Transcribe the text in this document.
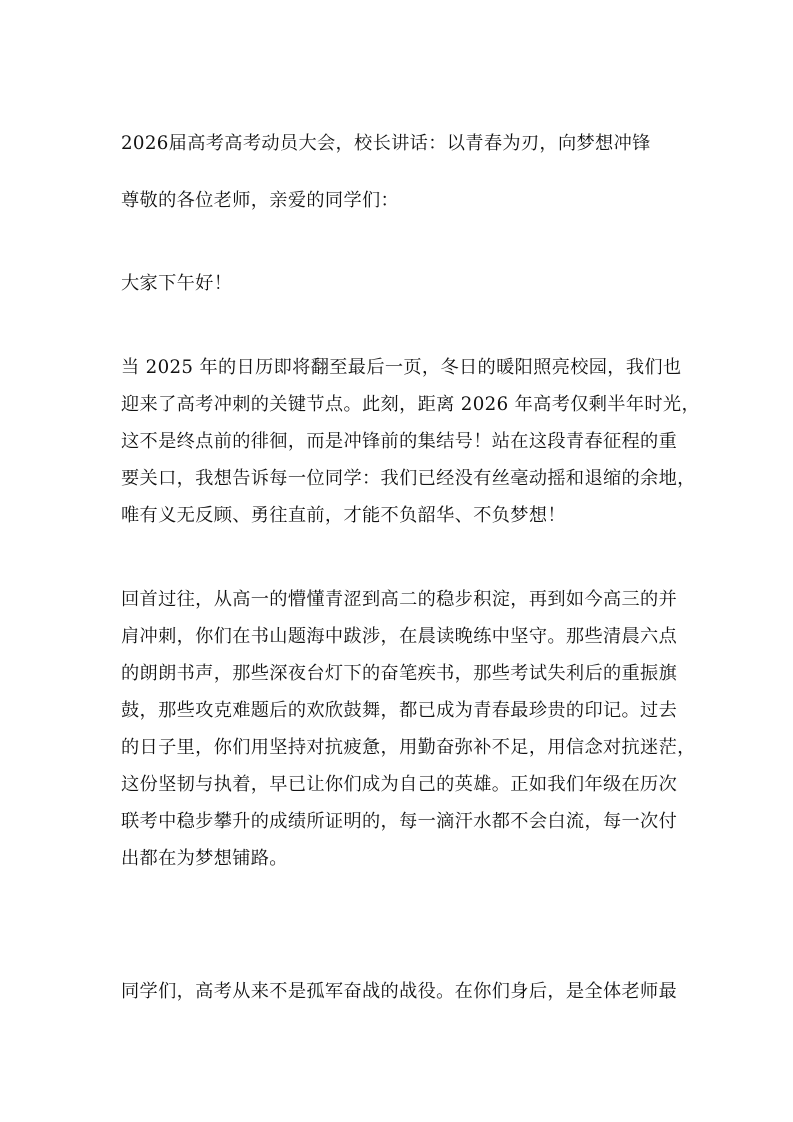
2026届高考高考动员大会，校长讲话：以青春为刃，向梦想冲锋
尊敬的各位老师，亲爱的同学们：
大家下午好！
当 2025 年的日历即将翻至最后一页，冬日的暖阳照亮校园，我们也
迎来了高考冲刺的关键节点。此刻，距离 2026 年高考仅剩半年时光，
这不是终点前的徘徊，而是冲锋前的集结号！站在这段青春征程的重
要关口，我想告诉每一位同学：我们已经没有丝毫动摇和退缩的余地，
唯有义无反顾、勇往直前，才能不负韶华、不负梦想！
回首过往，从高一的懵懂青涩到高二的稳步积淀，再到如今高三的并
肩冲刺，你们在书山题海中跋涉，在晨读晚练中坚守。那些清晨六点
的朗朗书声，那些深夜台灯下的奋笔疾书，那些考试失利后的重振旗
鼓，那些攻克难题后的欢欣鼓舞，都已成为青春最珍贵的印记。过去
的日子里，你们用坚持对抗疲惫，用勤奋弥补不足，用信念对抗迷茫，
这份坚韧与执着，早已让你们成为自己的英雄。正如我们年级在历次
联考中稳步攀升的成绩所证明的，每一滴汗水都不会白流，每一次付
出都在为梦想铺路。
同学们，高考从来不是孤军奋战的战役。在你们身后，是全体老师最
